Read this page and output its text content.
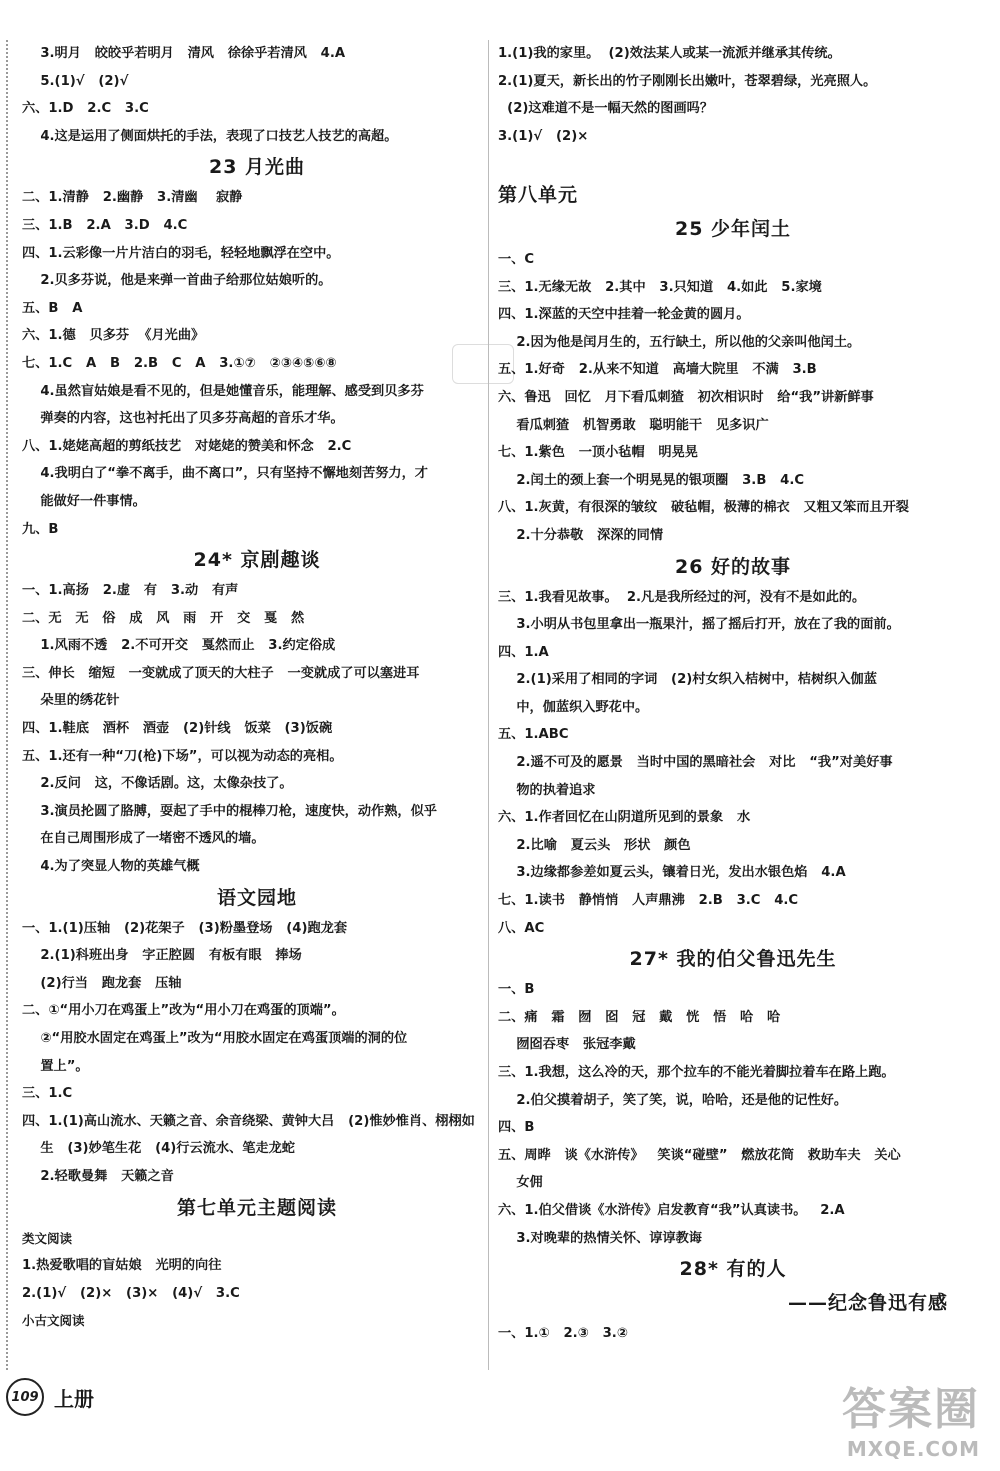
3.明月   皎皎乎若明月   清风   徐徐乎若清风   4.A
5.(1)√   (2)√
六、1.D   2.C   3.C
4.这是运用了侧面烘托的手法，表现了口技艺人技艺的高超。
23 月光曲
二、1.清静   2.幽静   3.清幽    寂静
三、1.B   2.A   3.D   4.C
四、1.云彩像一片片洁白的羽毛，轻轻地飘浮在空中。
2.贝多芬说，他是来弹一首曲子给那位姑娘听的。
五、B   A
六、1.德   贝多芬  《月光曲》
七、1.C   A   B   2.B   C   A   3.①⑦   ②③④⑤⑥⑧
4.虽然盲姑娘是看不见的，但是她懂音乐，能理解、感受到贝多芬
弹奏的内容，这也衬托出了贝多芬高超的音乐才华。
八、1.姥姥高超的剪纸技艺   对姥姥的赞美和怀念   2.C
4.我明白了“拳不离手，曲不离口”，只有坚持不懈地刻苦努力，才
能做好一件事情。
九、B
24* 京剧趣谈
一、1.高扬   2.虚   有   3.动   有声
二、无   无   俗   成   风   雨   开   交   戛   然
1.风雨不透   2.不可开交   戛然而止   3.约定俗成
三、伸长   缩短   一变就成了顶天的大柱子   一变就成了可以塞进耳
朵里的绣花针
四、1.鞋底   酒杯   酒壶   (2)针线   饭菜   (3)饭碗
五、1.还有一种“刀(枪)下场”，可以视为动态的亮相。
2.反问   这，不像话剧。这，太像杂技了。
3.演员抡圆了胳膊，耍起了手中的棍棒刀枪，速度快，动作熟，似乎
在自己周围形成了一堵密不透风的墙。
4.为了突显人物的英雄气概
语文园地
一、1.(1)压轴   (2)花架子   (3)粉墨登场   (4)跑龙套
2.(1)科班出身   字正腔圆   有板有眼   捧场
(2)行当   跑龙套   压轴
二、①“用小刀在鸡蛋上”改为“用小刀在鸡蛋的顶端”。
②“用胶水固定在鸡蛋上”改为“用胶水固定在鸡蛋顶端的洞的位
置上”。
三、1.C
四、1.(1)高山流水、天籁之音、余音绕梁、黄钟大吕   (2)惟妙惟肖、栩栩如
生   (3)妙笔生花   (4)行云流水、笔走龙蛇
2.轻歌曼舞   天籁之音
第七单元主题阅读
类文阅读
1.热爱歌唱的盲姑娘   光明的向往
2.(1)√   (2)×   (3)×   (4)√   3.C
小古文阅读
1.(1)我的家里。  (2)效法某人或某一流派并继承其传统。
2.(1)夏天，新长出的竹子刚刚长出嫩叶，苍翠碧绿，光亮照人。
(2)这难道不是一幅天然的图画吗？
3.(1)√   (2)×

第八单元
25 少年闰土
一、C
三、1.无缘无故   2.其中   3.只知道   4.如此   5.家境
四、1.深蓝的天空中挂着一轮金黄的圆月。
2.因为他是闰月生的，五行缺土，所以他的父亲叫他闰土。
五、1.好奇   2.从来不知道   高墙大院里   不满   3.B
六、鲁迅   回忆   月下看瓜刺猹   初次相识时   给“我”讲新鲜事
看瓜刺猹   机智勇敢   聪明能干   见多识广
七、1.紫色   一顶小毡帽   明晃晃
2.闰土的颈上套一个明晃晃的银项圈   3.B   4.C
八、1.灰黄，有很深的皱纹   破毡帽，极薄的棉衣   又粗又笨而且开裂
2.十分恭敬   深深的同情
26 好的故事
三、1.我看见故事。  2.凡是我所经过的河，没有不是如此的。
3.小明从书包里拿出一瓶果汁，摇了摇后打开，放在了我的面前。
四、1.A
2.(1)采用了相同的字词   (2)村女织入桔树中，桔树织入伽蓝
中，伽蓝织入野花中。
五、1.ABC
2.遥不可及的愿景   当时中国的黑暗社会   对比   “我”对美好事
物的执着追求
六、1.作者回忆在山阴道所见到的景象   水
2.比喻   夏云头   形状   颜色
3.边缘都参差如夏云头，镶着日光，发出水银色焰   4.A
七、1.读书   静悄悄   人声鼎沸   2.B   3.C   4.C
八、AC
27* 我的伯父鲁迅先生
一、B
二、痛   霜   囫   囵   冠   戴   恍   悟   哈   哈
囫囵吞枣   张冠李戴
三、1.我想，这么冷的天，那个拉车的不能光着脚拉着车在路上跑。
2.伯父摸着胡子，笑了笑，说，哈哈，还是他的记性好。
四、B
五、周晔   谈《水浒传》   笑谈“碰壁”   燃放花筒   救助车夫   关心
女佣
六、1.伯父借谈《水浒传》启发教育“我”认真读书。   2.A
3.对晚辈的热情关怀、谆谆教诲
28* 有的人
——纪念鲁迅有感
一、1.①   2.③   3.②
109 上册	答案圈
MXQE.COM
